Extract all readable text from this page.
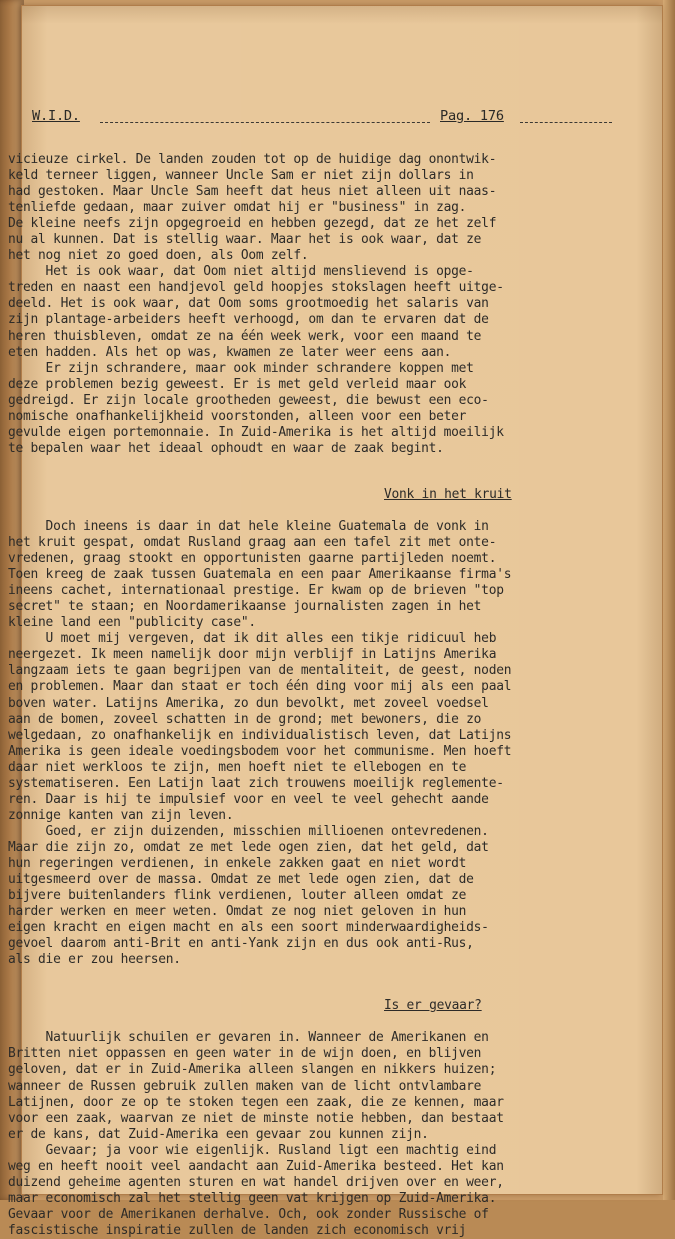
W.I.D.	Pag. 176
vicieuze cirkel. De landen zouden tot op de huidige dag onontwik-
keld terneer liggen, wanneer Uncle Sam er niet zijn dollars in
had gestoken. Maar Uncle Sam heeft dat heus niet alleen uit naas-
tenliefde gedaan, maar zuiver omdat hij er "business" in zag.
De kleine neefs zijn opgegroeid en hebben gezegd, dat ze het zelf
nu al kunnen. Dat is stellig waar. Maar het is ook waar, dat ze
het nog niet zo goed doen, als Oom zelf.
Het is ook waar, dat Oom niet altijd menslievend is opge-
treden en naast een handjevol geld hoopjes stokslagen heeft uitge-
deeld. Het is ook waar, dat Oom soms grootmoedig het salaris van
zijn plantage-arbeiders heeft verhoogd, om dan te ervaren dat de
heren thuisbleven, omdat ze na één week werk, voor een maand te
eten hadden. Als het op was, kwamen ze later weer eens aan.
Er zijn schrandere, maar ook minder schrandere koppen met
deze problemen bezig geweest. Er is met geld verleid maar ook
gedreigd. Er zijn locale grootheden geweest, die bewust een eco-
nomische onafhankelijkheid voorstonden, alleen voor een beter
gevulde eigen portemonnaie. In Zuid-Amerika is het altijd moeilijk
te bepalen waar het ideaal ophoudt en waar de zaak begint.
Vonk in het kruit
Doch ineens is daar in dat hele kleine Guatemala de vonk in
het kruit gespat, omdat Rusland graag aan een tafel zit met onte-
vredenen, graag stookt en opportunisten gaarne partijleden noemt.
Toen kreeg de zaak tussen Guatemala en een paar Amerikaanse firma's
ineens cachet, internationaal prestige. Er kwam op de brieven "top
secret" te staan; en Noordamerikaanse journalisten zagen in het
kleine land een "publicity case".
U moet mij vergeven, dat ik dit alles een tikje ridicuul heb
neergezet. Ik meen namelijk door mijn verblijf in Latijns Amerika
langzaam iets te gaan begrijpen van de mentaliteit, de geest, noden
en problemen. Maar dan staat er toch één ding voor mij als een paal
boven water. Latijns Amerika, zo dun bevolkt, met zoveel voedsel
aan de bomen, zoveel schatten in de grond; met bewoners, die zo
welgedaan, zo onafhankelijk en individualistisch leven, dat Latijns
Amerika is geen ideale voedingsbodem voor het communisme. Men hoeft
daar niet werkloos te zijn, men hoeft niet te ellebogen en te
systematiseren. Een Latijn laat zich trouwens moeilijk reglemente-
ren. Daar is hij te impulsief voor en veel te veel gehecht aande
zonnige kanten van zijn leven.
Goed, er zijn duizenden, misschien millioenen ontevredenen.
Maar die zijn zo, omdat ze met lede ogen zien, dat het geld, dat
hun regeringen verdienen, in enkele zakken gaat en niet wordt
uitgesmeerd over de massa. Omdat ze met lede ogen zien, dat de
bijvere buitenlanders flink verdienen, louter alleen omdat ze
harder werken en meer weten. Omdat ze nog niet geloven in hun
eigen kracht en eigen macht en als een soort minderwaardigheids-
gevoel daarom anti-Brit en anti-Yank zijn en dus ook anti-Rus,
als die er zou heersen.
Is er gevaar?
Natuurlijk schuilen er gevaren in. Wanneer de Amerikanen en
Britten niet oppassen en geen water in de wijn doen, en blijven
geloven, dat er in Zuid-Amerika alleen slangen en nikkers huizen;
wanneer de Russen gebruik zullen maken van de licht ontvlambare
Latijnen, door ze op te stoken tegen een zaak, die ze kennen, maar
voor een zaak, waarvan ze niet de minste notie hebben, dan bestaat
er de kans, dat Zuid-Amerika een gevaar zou kunnen zijn.
Gevaar; ja voor wie eigenlijk. Rusland ligt een machtig eind
weg en heeft nooit veel aandacht aan Zuid-Amerika besteed. Het kan
duizend geheime agenten sturen en wat handel drijven over en weer,
maar economisch zal het stellig geen vat krijgen op Zuid-Amerika.
Gevaar voor de Amerikanen derhalve. Och, ook zonder Russische of
fascistische inspiratie zullen de landen zich economisch vrij
